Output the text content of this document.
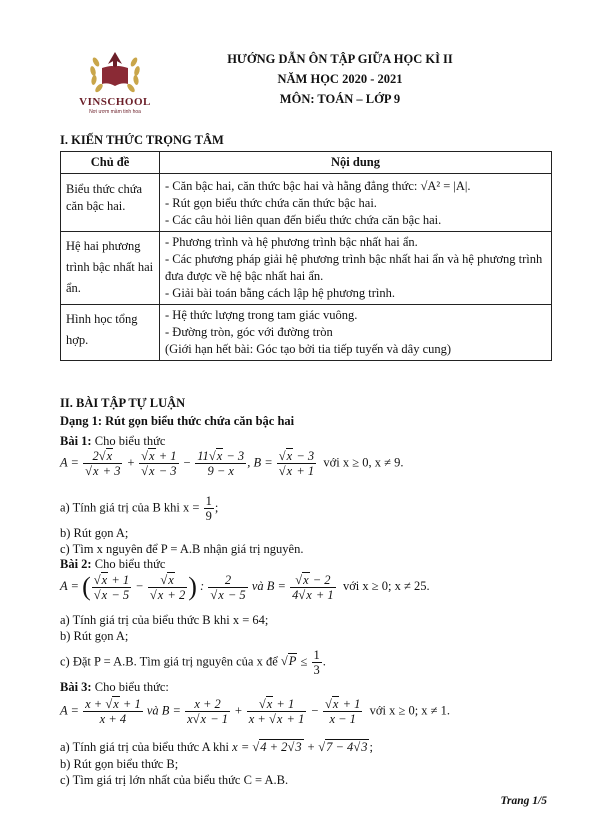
VINSCHOOL
Nơi ươm mầm tinh hoa
HƯỚNG DẪN ÔN TẬP GIỮA HỌC KÌ II
NĂM HỌC 2020 - 2021
MÔN: TOÁN – LỚP 9
I. KIẾN THỨC TRỌNG TÂM
Chủ đề	Nội dung
Biểu thức chứa căn bậc hai.	- Căn bậc hai, căn thức bậc hai và hằng đẳng thức: √A² = |A|.
- Rút gọn biểu thức chứa căn thức bậc hai.
- Các câu hỏi liên quan đến biểu thức chứa căn bậc hai.

Hệ hai phương trình bậc nhất hai ẩn.	- Phương trình và hệ phương trình bậc nhất hai ẩn.
- Các phương pháp giải hệ phương trình bậc nhất hai ẩn và hệ phương trình đưa được về hệ bậc nhất hai ẩn.
- Giải bài toán bằng cách lập hệ phương trình.

Hình học tổng hợp.	- Hệ thức lượng trong tam giác vuông.
- Đường tròn, góc với đường tròn
(Giới hạn hết bài: Góc tạo bởi tia tiếp tuyến và dây cung)
II. BÀI TẬP TỰ LUẬN
Dạng 1: Rút gọn biểu thức chứa căn bậc hai
Bài 1: Cho biểu thức
A = 2 √ x
√ x + 3 + √ x + 1
√ $x - 3 - \frac{11 √ x - 3}{9 - x}$ , B = √ x − 3
√ x + 1 với x ≥ 0, x ≠ 9.
a) Tính giá trị của B khi $x = \frac{1}{9}$ ;
b) Rút gọn A;
c) Tìm x nguyên để P = A.B nhận giá trị nguyên.
Bài 2: Cho biểu thức
A = ( √ x + 1
√ x − 5 − √ x
√ x + 2 ) : 2
√ x − 5 và B = √ $\frac{x - 2}{4 √ x + 1}$ với x ≥ 0; x ≠ 25.
a) Tính giá trị của biểu thức B khi x = 64;
b) Rút gọn A;
c) Đặt P = A.B. Tìm giá trị nguyên của x để √ $P \le \frac{1}{3}$ .
Bài 3: Cho biểu thức:
$A = \frac{x + √ x + 1}{x + 4}$ và $B = \frac{x + 2}{x √ x - 1}$ + √ $\frac{x + 1}{x + √ x + 1}$ − √ $\frac{x + 1}{x - 1}$ với x ≥ 0; x ≠ 1.
a) Tính giá trị của biểu thức A khi x = √ 4 + 2 √ 3 + √ 7 − 4 √ 3 ;
b) Rút gọn biểu thức B;
c) Tìm giá trị lớn nhất của biểu thức C = A.B.
Trang 1/5
